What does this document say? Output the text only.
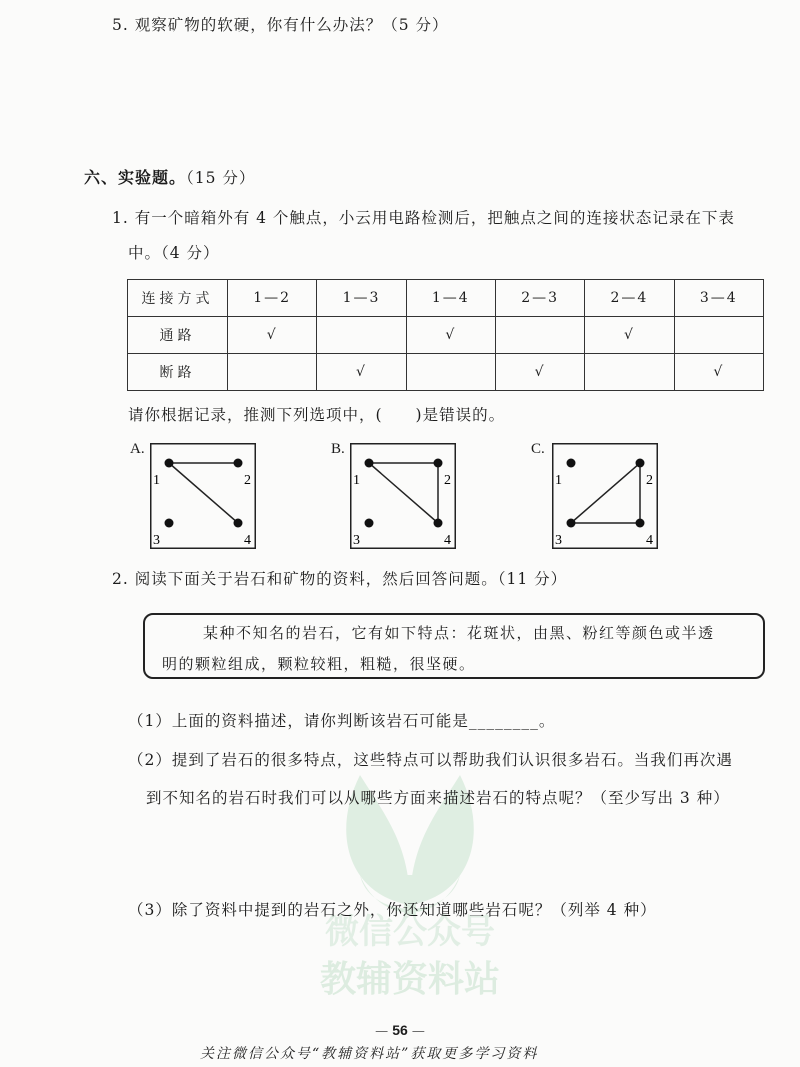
5. 观察矿物的软硬，你有什么办法？（5 分）
六、实验题。（15 分）
1. 有一个暗箱外有 4 个触点，小云用电路检测后，把触点之间的连接状态记录在下表
中。（4 分）
连接方式	1—2	1—3	1—4	2—3	2—4	3—4
通路	√		√		√	
断路		√		√		√
请你根据记录，推测下列选项中，(　　)是错误的。
A.
1	2
3	4
B.
1	2
3	4
C.
1	2
3	4
微信公众号
教辅资料站
2. 阅读下面关于岩石和矿物的资料，然后回答问题。（11 分）

某种不知名的岩石，它有如下特点：花斑状，由黑、粉红等颜色或半透

明的颗粒组成，颗粒较粗，粗糙，很坚硬。

（1）上面的资料描述，请你判断该岩石可能是________。
（2）提到了岩石的很多特点，这些特点可以帮助我们认识很多岩石。当我们再次遇
到不知名的岩石时我们可以从哪些方面来描述岩石的特点呢？（至少写出 3 种）
（3）除了资料中提到的岩石之外，你还知道哪些岩石呢？（列举 4 种）
— 56 —
关注微信公众号“教辅资料站”获取更多学习资料
